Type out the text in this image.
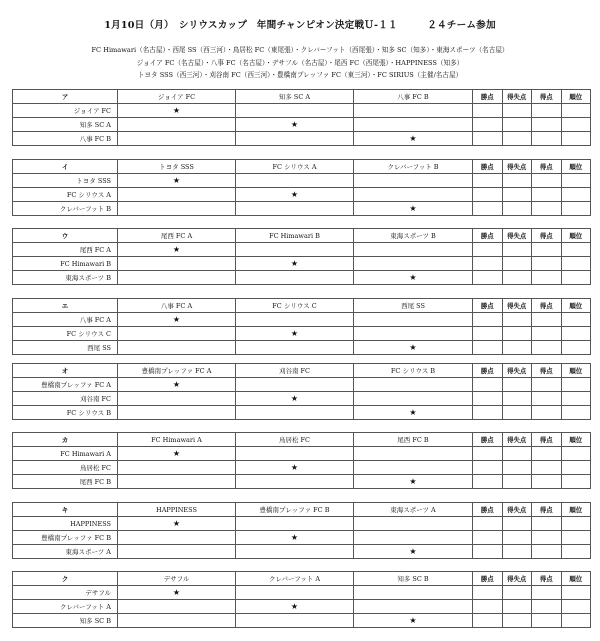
1月10日（月）　シリウスカップ　年間チャンピオン決定戦Ｕ-１１　　　２４チーム参加
FC Himawari（名古屋）・西尾 SS（西三河）・鳥居松 FC（東尾張）・クレバーフット（西尾張）・知多 SC（知多）・東海スポーツ（名古屋）
ジョイア FC（名古屋）・八事 FC（名古屋）・デサフル（名古屋）・尾西 FC（西尾張）・HAPPINESS（知多）
トヨタ SSS（西三河）・刈谷南 FC（西三河）・豊橋南プレッファ FC（東三河）・FC SIRIUS（主催/名古屋）
ア	ジョイア FC	知多 SC A	八事 FC B	勝点	得失点	得点	順位
ジョイア FC	★						
知多 SC A		★					
八事 FC B			★				
イ	トヨタ SSS	FC シリウス A	クレバーフット B	勝点	得失点	得点	順位
トヨタ SSS	★						
FC シリウス A		★					
クレバーフット B			★				
ウ	尾西 FC A	FC Himawari B	東海スポーツ B	勝点	得失点	得点	順位
尾西 FC A	★						
FC Himawari B		★					
東海スポーツ B			★				
エ	八事 FC A	FC シリウス C	西尾 SS	勝点	得失点	得点	順位
八事 FC A	★						
FC シリウス C		★					
西尾 SS			★				
オ	豊橋南プレッファ FC A	刈谷南 FC	FC シリウス B	勝点	得失点	得点	順位
豊橋南プレッファ FC A	★						
刈谷南 FC		★					
FC シリウス B			★				
カ	FC Himawari A	鳥居松 FC	尾西 FC B	勝点	得失点	得点	順位
FC Himawari A	★						
鳥居松 FC		★					
尾西 FC B			★				
キ	HAPPINESS	豊橋南プレッファ FC B	東海スポーツ A	勝点	得失点	得点	順位
HAPPINESS	★						
豊橋南プレッファ FC B		★					
東海スポーツ A			★				
ク	デサフル	クレバーフット A	知多 SC B	勝点	得失点	得点	順位
デサフル	★						
クレバーフット A		★					
知多 SC B			★				
